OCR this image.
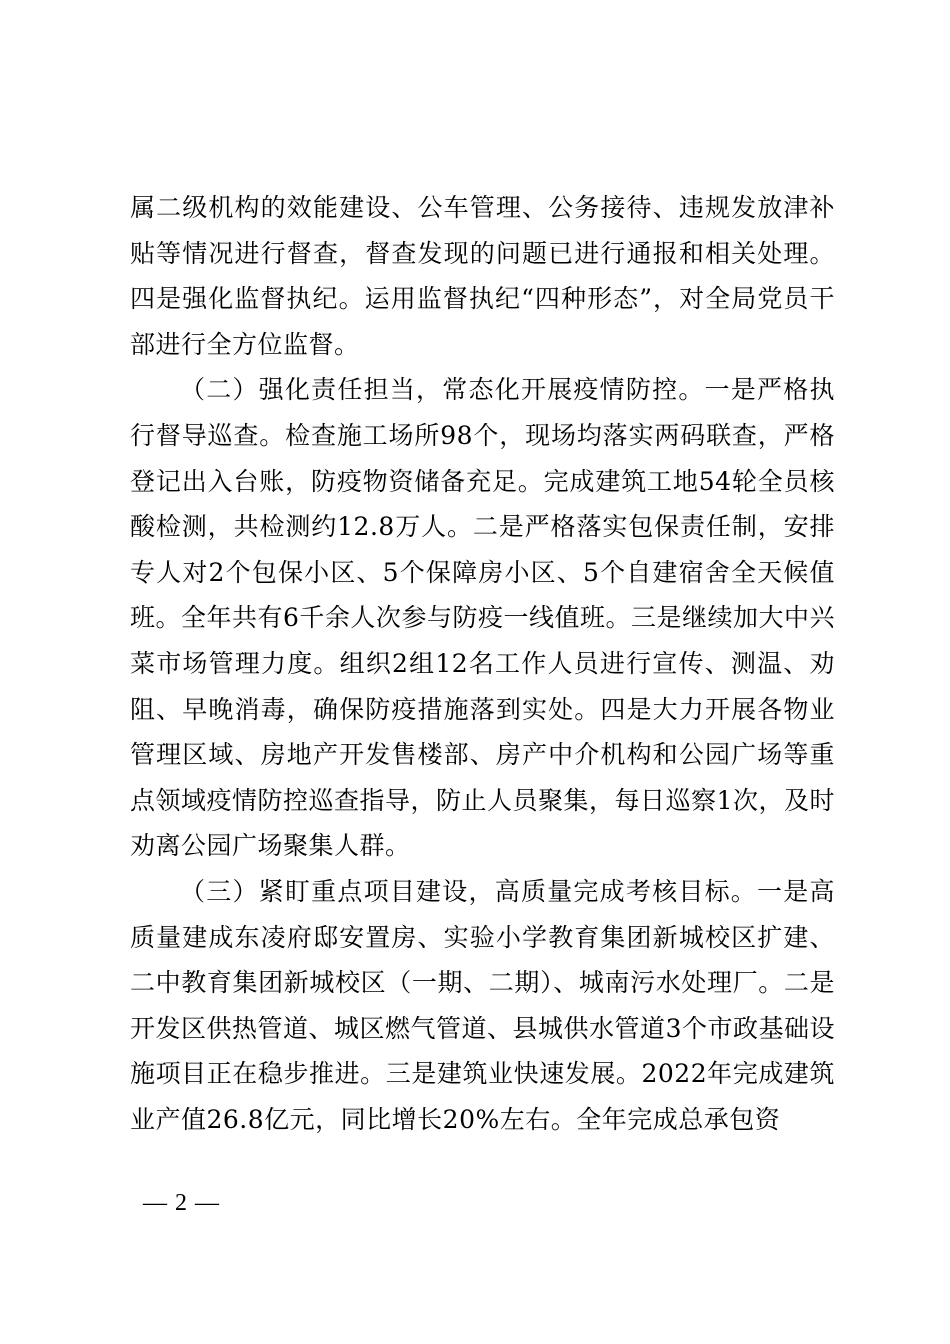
属二级机构的效能建设、公车管理、公务接待、违规发放津补贴等情况进行督查，督查发现的问题已进行通报和相关处理。四是强化监督执纪。运用监督执纪“四种形态”，对全局党员干部进行全方位监督。

（二）强化责任担当，常态化开展疫情防控。一是严格执行督导巡查。检查施工场所98个，现场均落实两码联查，严格登记出入台账，防疫物资储备充足。完成建筑工地54轮全员核酸检测，共检测约12.8万人。二是严格落实包保责任制，安排专人对2个包保小区、5个保障房小区、5个自建宿舍全天候值班。全年共有6千余人次参与防疫一线值班。三是继续加大中兴菜市场管理力度。组织2组12名工作人员进行宣传、测温、劝阻、早晚消毒，确保防疫措施落到实处。四是大力开展各物业管理区域、房地产开发售楼部、房产中介机构和公园广场等重点领域疫情防控巡查指导，防止人员聚集，每日巡察1次，及时劝离公园广场聚集人群。

（三）紧盯重点项目建设，高质量完成考核目标。一是高质量建成东凌府邸安置房、实验小学教育集团新城校区扩建、二中教育集团新城校区（一期、二期）、城南污水处理厂。二是开发区供热管道、城区燃气管道、县城供水管道3个市政基础设施项目正在稳步推进。三是建筑业快速发展。2022年完成建筑业产值26.8亿元，同比增长20%左右。全年完成总承包资

— 2 —
